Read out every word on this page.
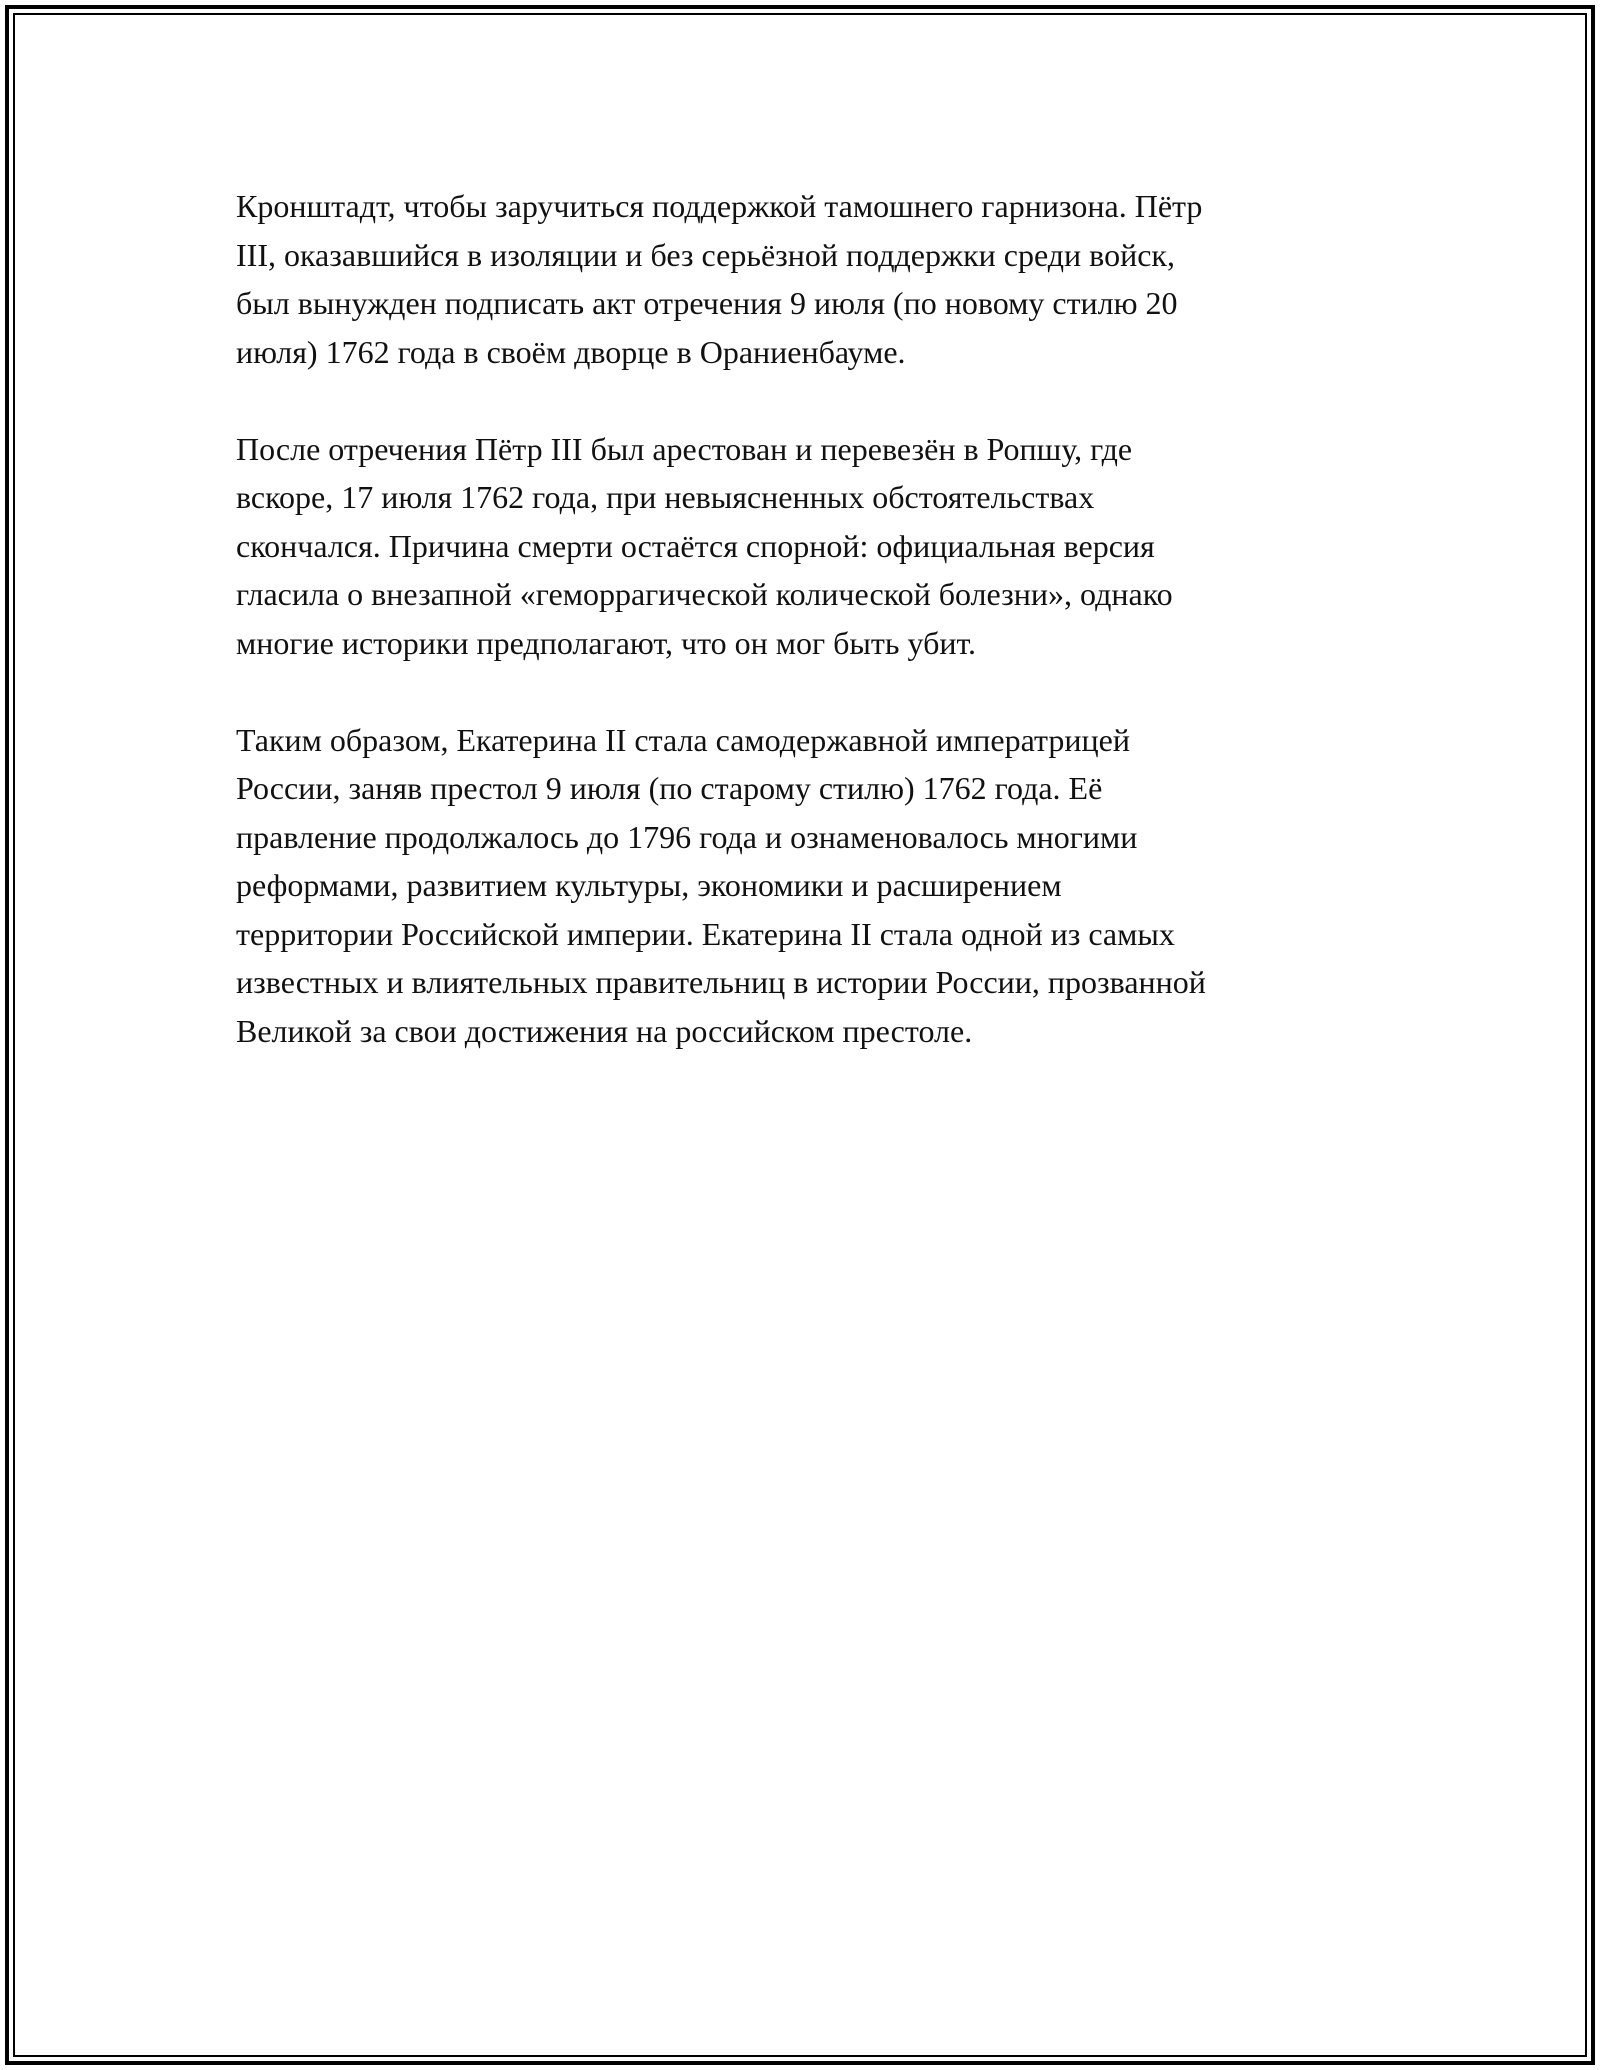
Кронштадт, чтобы заручиться поддержкой тамошнего гарнизона. Пётр
III, оказавшийся в изоляции и без серьёзной поддержки среди войск,
был вынужден подписать акт отречения 9 июля (по новому стилю 20
июля) 1762 года в своём дворце в Ораниенбауме.

После отречения Пётр III был арестован и перевезён в Ропшу, где
вскоре, 17 июля 1762 года, при невыясненных обстоятельствах
скончался. Причина смерти остаётся спорной: официальная версия
гласила о внезапной «геморрагической колической болезни», однако
многие историки предполагают, что он мог быть убит.

Таким образом, Екатерина II стала самодержавной императрицей
России, заняв престол 9 июля (по старому стилю) 1762 года. Её
правление продолжалось до 1796 года и ознаменовалось многими
реформами, развитием культуры, экономики и расширением
территории Российской империи. Екатерина II стала одной из самых
известных и влиятельных правительниц в истории России, прозванной
Великой за свои достижения на российском престоле.
